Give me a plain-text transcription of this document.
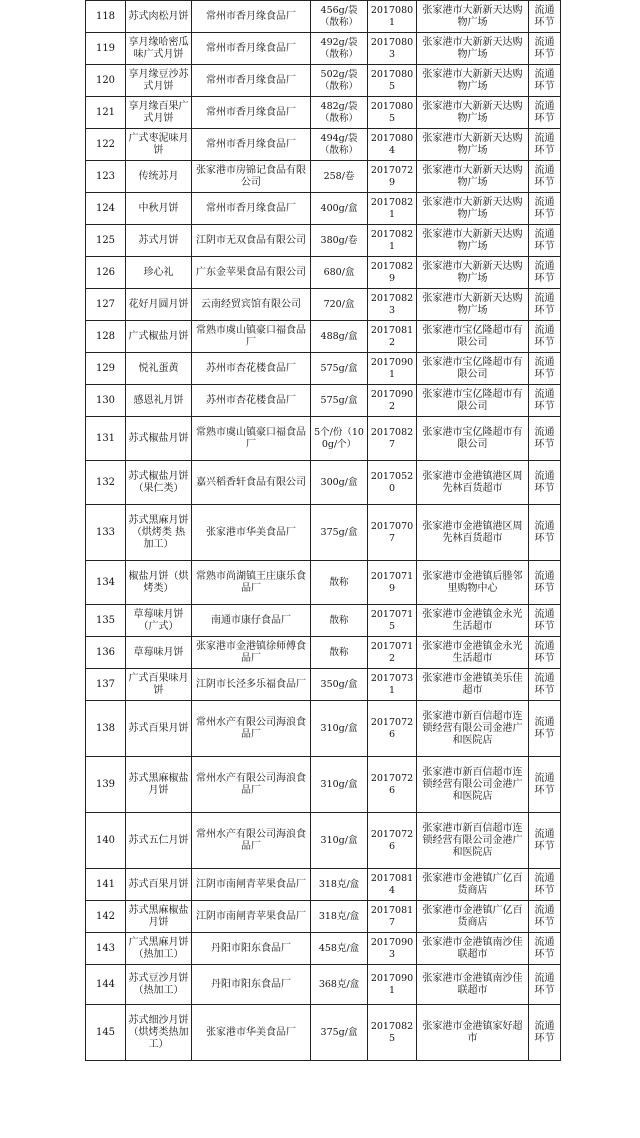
118	苏式肉松月饼	常州市香月缘食品厂	456g/袋（散称）	20170801	张家港市大新新天达购物广场	流通环节
119	享月缘哈密瓜味广式月饼	常州市香月缘食品厂	492g/袋（散称）	20170803	张家港市大新新天达购物广场	流通环节
120	享月缘豆沙苏式月饼	常州市香月缘食品厂	502g/袋（散称）	20170805	张家港市大新新天达购物广场	流通环节
121	享月缘百果广式月饼	常州市香月缘食品厂	482g/袋（散称）	20170805	张家港市大新新天达购物广场	流通环节
122	广式枣泥味月饼	常州市香月缘食品厂	494g/袋（散称）	20170804	张家港市大新新天达购物广场	流通环节
123	传统苏月	张家港市房锦记食品有限公司	258/卷	20170729	张家港市大新新天达购物广场	流通环节
124	中秋月饼	常州市香月缘食品厂	400g/盒	20170821	张家港市大新新天达购物广场	流通环节
125	苏式月饼	江阴市无双食品有限公司	380g/卷	20170821	张家港市大新新天达购物广场	流通环节
126	珍心礼	广东金苹果食品有限公司	680/盒	20170829	张家港市大新新天达购物广场	流通环节
127	花好月圆月饼	云南经贸宾馆有限公司	720/盒	20170823	张家港市大新新天达购物广场	流通环节
128	广式椒盐月饼	常熟市虞山镇豪口福食品厂	488g/盒	20170812	张家港市宝亿隆超市有限公司	流通环节
129	悦礼蛋黄	苏州市杏花楼食品厂	575g/盒	20170901	张家港市宝亿隆超市有限公司	流通环节
130	感恩礼月饼	苏州市杏花楼食品厂	575g/盒	20170902	张家港市宝亿隆超市有限公司	流通环节
131	苏式椒盐月饼	常熟市虞山镇豪口福食品厂	5个/份（100g/个）	20170827	张家港市宝亿隆超市有限公司	流通环节
132	苏式椒盐月饼（果仁类）	嘉兴稻香轩食品有限公司	300g/盒	20170520	张家港市金港镇港区周先林百货超市	流通环节
133	苏式黑麻月饼（烘烤类 热加工）	张家港市华美食品厂	375g/盒	20170707	张家港市金港镇港区周先林百货超市	流通环节
134	椒盐月饼（烘烤类）	常熟市尚湖镇王庄康乐食品厂	散称	20170719	张家港市金港镇后塍邻里购物中心	流通环节
135	草莓味月饼（广式）	南通市康仔食品厂	散称	20170715	张家港市金港镇金永光生活超市	流通环节
136	草莓味月饼	张家港市金港镇徐师傅食品厂	散称	20170712	张家港市金港镇金永光生活超市	流通环节
137	广式百果味月饼	江阴市长泾多乐福食品厂	350g/盒	20170731	张家港市金港镇美乐佳超市	流通环节
138	苏式百果月饼	常州水产有限公司海浪食品厂	310g/盒	20170726	张家港市新百信超市连锁经营有限公司金港广和医院店	流通环节
139	苏式黑麻椒盐月饼	常州水产有限公司海浪食品厂	310g/盒	20170726	张家港市新百信超市连锁经营有限公司金港广和医院店	流通环节
140	苏式五仁月饼	常州水产有限公司海浪食品厂	310g/盒	20170726	张家港市新百信超市连锁经营有限公司金港广和医院店	流通环节
141	苏式百果月饼	江阴市南闸青苹果食品厂	318克/盒	20170814	张家港市金港镇广亿百货商店	流通环节
142	苏式黑麻椒盐月饼	江阴市南闸青苹果食品厂	318克/盒	20170817	张家港市金港镇广亿百货商店	流通环节
143	广式黑麻月饼（热加工）	丹阳市阳东食品厂	458克/盒	20170903	张家港市金港镇南沙佳联超市	流通环节
144	苏式豆沙月饼（热加工）	丹阳市阳东食品厂	368克/盒	20170901	张家港市金港镇南沙佳联超市	流通环节
145	苏式细沙月饼（烘烤类热加工）	张家港市华美食品厂	375g/盒	20170825	张家港市金港镇家好超市	流通环节
